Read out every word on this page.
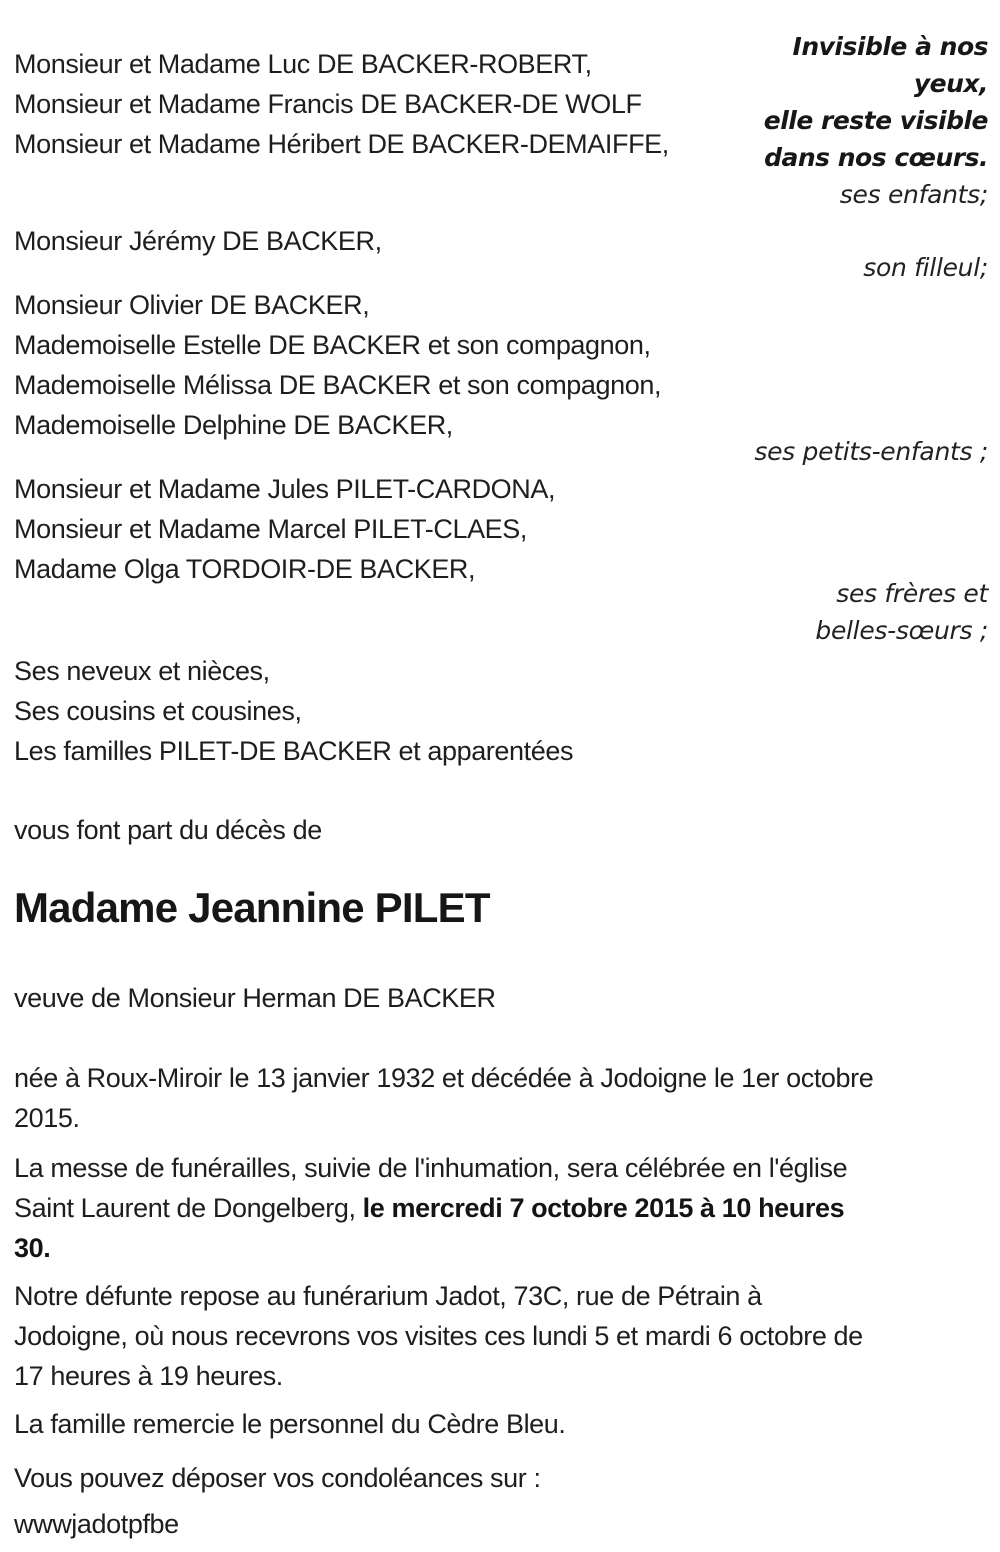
Monsieur et Madame Luc DE BACKER-ROBERT,
Monsieur et Madame Francis DE BACKER-DE WOLF
Monsieur et Madame Héribert DE BACKER-DEMAIFFE,
Invisible à nos
yeux,
elle reste visible
dans nos cœurs.
ses enfants;
Monsieur Jérémy DE BACKER,
son filleul;
Monsieur Olivier DE BACKER,
Mademoiselle Estelle DE BACKER et son compagnon,
Mademoiselle Mélissa DE BACKER et son compagnon,
Mademoiselle Delphine DE BACKER,
ses petits-enfants ;
Monsieur et Madame Jules PILET-CARDONA,
Monsieur et Madame Marcel PILET-CLAES,
Madame Olga TORDOIR-DE BACKER,
ses frères et
belles-sœurs ;
Ses neveux et nièces,
Ses cousins et cousines,
Les familles PILET-DE BACKER et apparentées
vous font part du décès de
Madame Jeannine PILET
veuve de Monsieur Herman DE BACKER
née à Roux-Miroir le 13 janvier 1932 et décédée à Jodoigne le 1er octobre
2015.
La messe de funérailles, suivie de l'inhumation, sera célébrée en l'église
Saint Laurent de Dongelberg, le mercredi 7 octobre 2015 à 10 heures
30.
Notre défunte repose au funérarium Jadot, 73C, rue de Pétrain à
Jodoigne, où nous recevrons vos visites ces lundi 5 et mardi 6 octobre de
17 heures à 19 heures.
La famille remercie le personnel du Cèdre Bleu.
Vous pouvez déposer vos condoléances sur :
wwwjadotpfbe
